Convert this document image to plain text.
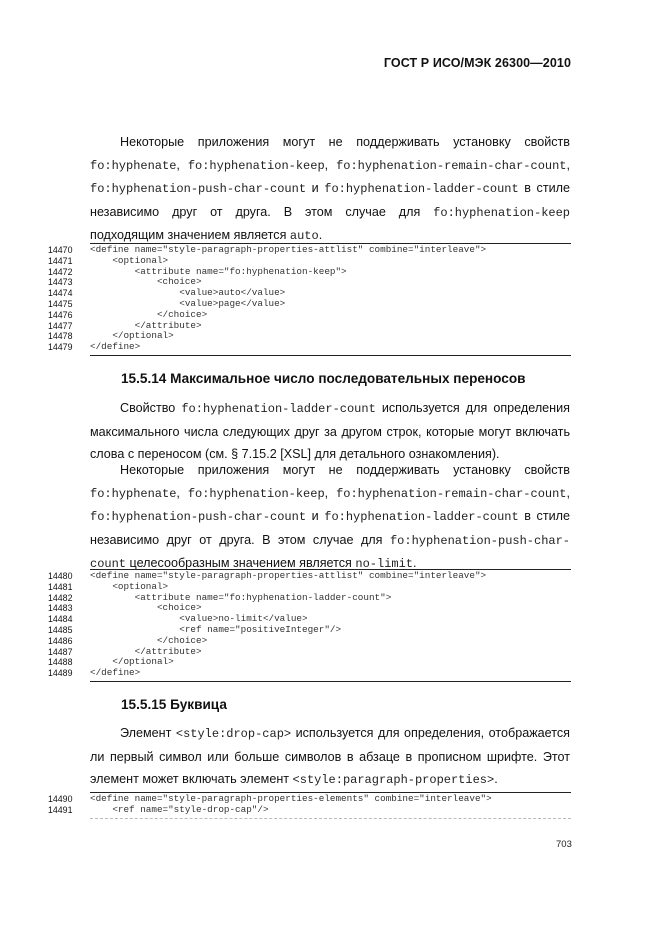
ГОСТ Р ИСО/МЭК 26300—2010
Некоторые приложения могут не поддерживать установку свойств
fo:hyphenate, fo:hyphenation-keep, fo:hyphenation-remain-char-count,
fo:hyphenation-push-char-count и fo:hyphenation-ladder-count в стиле независимо друг от друга. В этом случае для fo:hyphenation-keep подходящим значением является auto.
14470	<define name="style-paragraph-properties-attlist" combine="interleave">
14471	<optional>
14472	<attribute name="fo:hyphenation-keep">
14473	<choice>
14474	<value>auto</value>
14475	<value>page</value>
14476	</choice>
14477	</attribute>
14478	</optional>
14479	</define>
15.5.14 Максимальное число последовательных переносов
Свойство fo:hyphenation-ladder-count используется для определения максимального числа следующих друг за другом строк, которые могут включать слова с переносом (см. § 7.15.2 [XSL] для детального ознакомления).
Некоторые приложения могут не поддерживать установку свойств
fo:hyphenate, fo:hyphenation-keep, fo:hyphenation-remain-char-count,
fo:hyphenation-push-char-count и fo:hyphenation-ladder-count в стиле независимо друг от друга. В этом случае для fo:hyphenation-push-char-count целесообразным значением является no-limit.
14480	<define name="style-paragraph-properties-attlist" combine="interleave">
14481	<optional>
14482	<attribute name="fo:hyphenation-ladder-count">
14483	<choice>
14484	<value>no-limit</value>
14485	<ref name="positiveInteger"/>
14486	</choice>
14487	</attribute>
14488	</optional>
14489	</define>
15.5.15 Буквица
Элемент <style:drop-cap> используется для определения, отображается ли первый символ или больше символов в абзаце в прописном шрифте. Этот элемент может включать элемент <style:paragraph-properties>.
14490	<define name="style-paragraph-properties-elements" combine="interleave">
14491	<ref name="style-drop-cap"/>
703
